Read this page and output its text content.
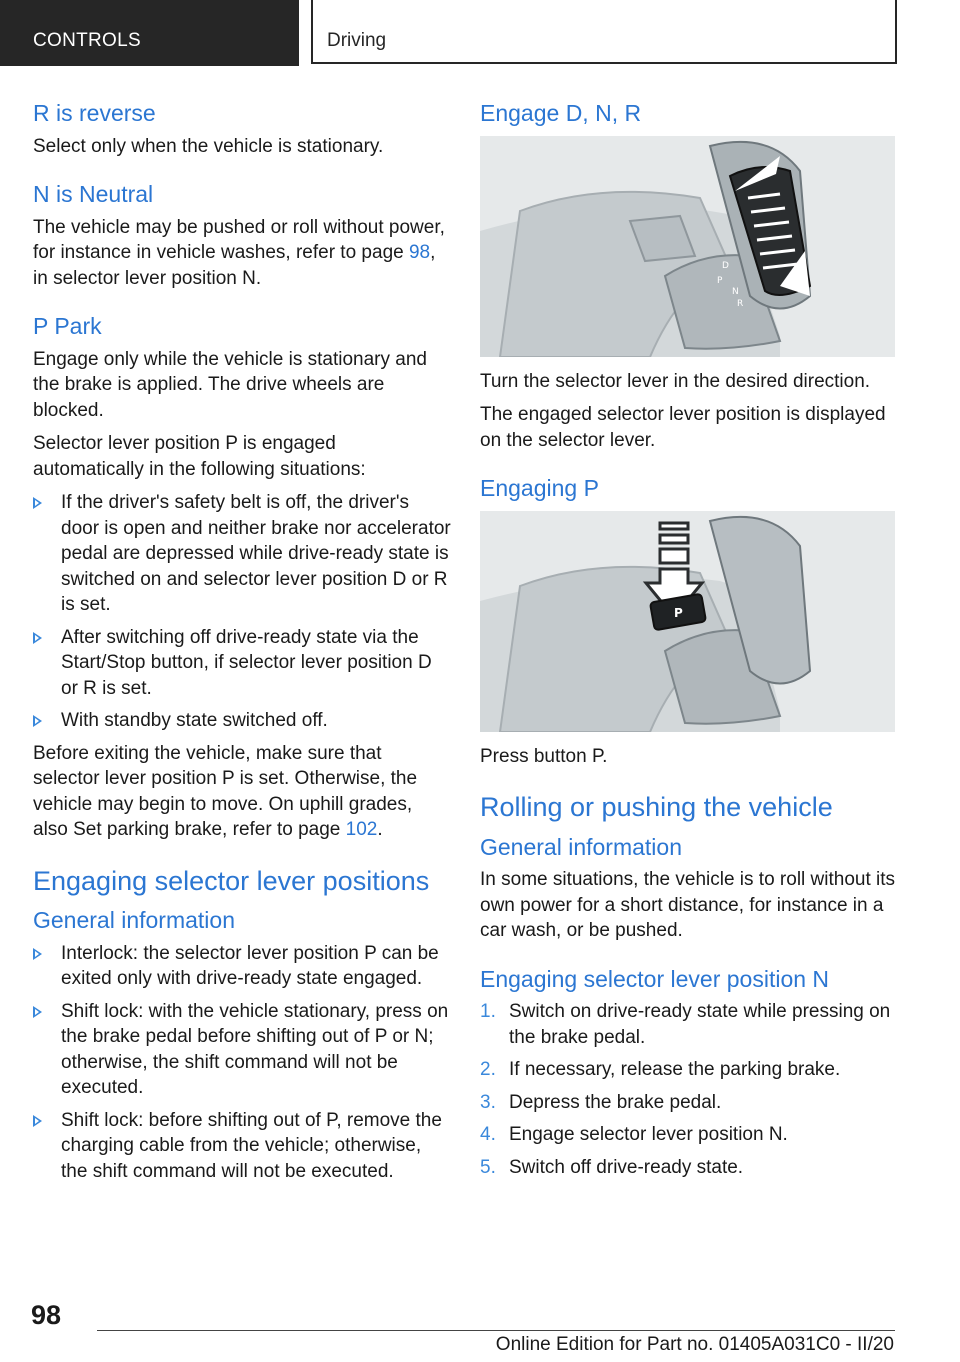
CONTROLS	Driving
R is reverse

Select only when the vehicle is stationary.

N is Neutral

The vehicle may be pushed or roll without power, for instance in vehicle washes, refer to page 98, in selector lever position N.

P Park

Engage only while the vehicle is stationary and the brake is applied. The drive wheels are blocked.

Selector lever position P is engaged automatically in the following situations:

If the driver's safety belt is off, the driver's door is open and neither brake nor accelerator pedal are depressed while drive-ready state is switched on and selector lever position D or R is set.
After switching off drive-ready state via the Start/Stop button, if selector lever position D or R is set.
With standby state switched off.

Before exiting the vehicle, make sure that selector lever position P is set. Otherwise, the vehicle may begin to move. On uphill grades, also Set parking brake, refer to page 102.

Engaging selector lever positions
General information
Interlock: the selector lever position P can be exited only with drive-ready state engaged.
Shift lock: with the vehicle stationary, press on the brake pedal before shifting out of P or N; otherwise, the shift command will not be executed.
Shift lock: before shifting out of P, remove the charging cable from the vehicle; otherwise, the shift command will not be executed.
Engage D, N, R
D
P
N
R

Turn the selector lever in the desired direction.

The engaged selector lever position is displayed on the selector lever.

Engaging P
P

Press button P.

Rolling or pushing the vehicle
General information

In some situations, the vehicle is to roll without its own power for a short distance, for instance in a car wash, or be pushed.

Engaging selector lever position N
1. Switch on drive-ready state while pressing on the brake pedal.
2. If necessary, release the parking brake.
3. Depress the brake pedal.
4. Engage selector lever position N.
5. Switch off drive-ready state.
98
Online Edition for Part no. 01405A031C0 - II/20
